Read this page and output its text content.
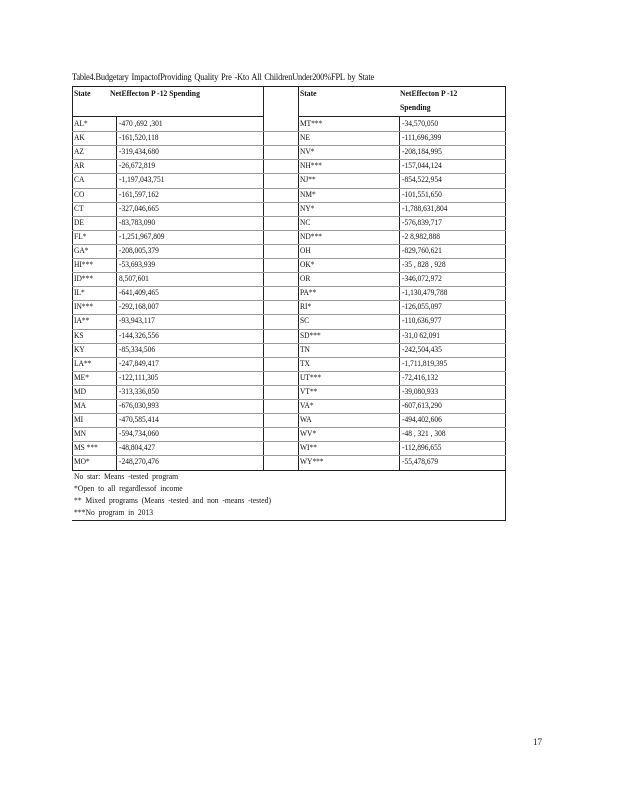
Table4.Budgetary ImpactofProviding Quality Pre -Kto All ChildrenUnder200%FPL by State
State NetEffecton P -12 Spending	State	NetEffecton P -12
Spending
No star: Means -tested program
*Open to all regardlessof income
** Mixed programs (Means -tested and non -means -tested)
***No program in 2013
AL*	-470 ,692 ,301	MT***	-34,570,050
AK	-161,520,118	NE	-111,696,399
AZ	-319,434,680	NV*	-208,184,995
AR	-26,672,819	NH***	-157,044,124
CA	-1,197,043,751	NJ**	-854,522,954
CO	-161,597,162	NM*	-101,551,650
CT	-327,046,665	NY*	-1,788,631,804
DE	-83,783,090	NC	-576,839,717
FL*	-1,251,967,809	ND***	-2 8,982,888
GA*	-208,005,379	OH	-829,760,621
HI***	-53,693,939	OK*	-35 , 828 , 928
ID***	8,507,601	OR	-346,072,972
IL*	-641,409,465	PA**	-1,130,479,788
IN***	-292,168,007	RI*	-126,055,097
IA**	-93,943,117	SC	-110,636,977
KS	-144,326,556	SD***	-31,0 62,091
KY	-85,334,506	TN	-242,504,435
LA**	-247,849,417	TX	-1,711,819,395
ME*	-122,111,305	UT***	-72,416,132
MD	-313,336,050	VT**	-39,080,933
MA	-676,030,993	VA*	-607,613,290
MI	-470,585,414	WA	-494,402,606
MN	-594,734,060	WV*	-48 , 321 , 308
MS ***	-48,804,427	WI**	-112,896,655
MO*	-248,270,476	WY***	-55,478,679
17
